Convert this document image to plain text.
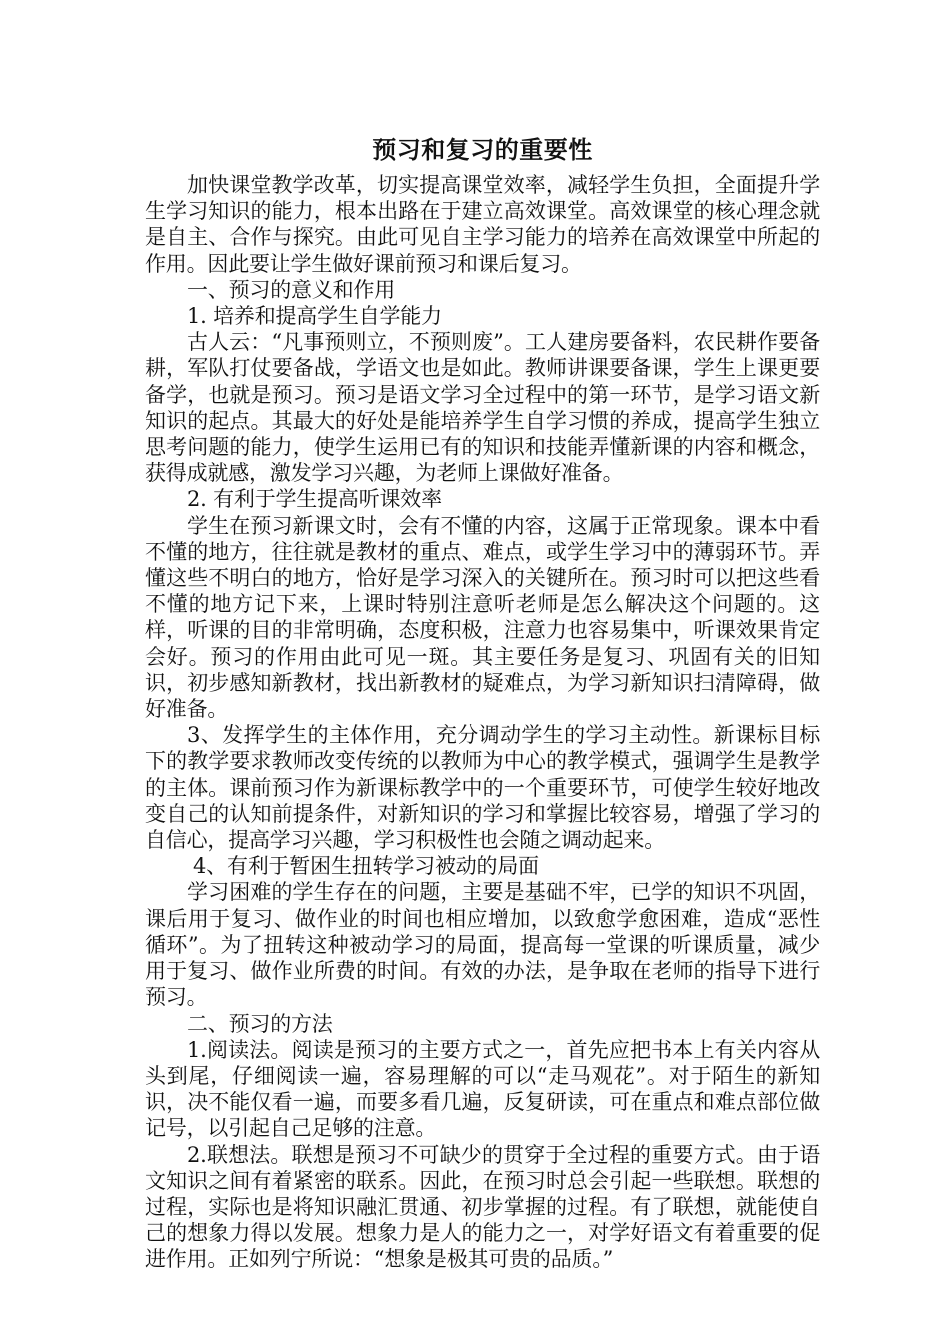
预习和复习的重要性

加快课堂教学改革，切实提高课堂效率，减轻学生负担，全面提升学生学习知识的能力，根本出路在于建立高效课堂。高效课堂的核心理念就是自主、合作与探究。由此可见自主学习能力的培养在高效课堂中所起的作用。因此要让学生做好课前预习和课后复习。

一、预习的意义和作用

1. 培养和提高学生自学能力

古人云：“凡事预则立，不预则废”。工人建房要备料，农民耕作要备耕，军队打仗要备战，学语文也是如此。教师讲课要备课，学生上课更要备学，也就是预习。预习是语文学习全过程中的第一环节，是学习语文新知识的起点。其最大的好处是能培养学生自学习惯的养成，提高学生独立思考问题的能力，使学生运用已有的知识和技能弄懂新课的内容和概念，获得成就感，激发学习兴趣，为老师上课做好准备。

2. 有利于学生提高听课效率

学生在预习新课文时，会有不懂的内容，这属于正常现象。课本中看不懂的地方，往往就是教材的重点、难点，或学生学习中的薄弱环节。弄懂这些不明白的地方，恰好是学习深入的关键所在。预习时可以把这些看不懂的地方记下来，上课时特别注意听老师是怎么解决这个问题的。这样，听课的目的非常明确，态度积极，注意力也容易集中，听课效果肯定会好。预习的作用由此可见一斑。其主要任务是复习、巩固有关的旧知识，初步感知新教材，找出新教材的疑难点，为学习新知识扫清障碍，做好准备。

3、发挥学生的主体作用，充分调动学生的学习主动性。新课标目标下的教学要求教师改变传统的以教师为中心的教学模式，强调学生是教学的主体。课前预习作为新课标教学中的一个重要环节，可使学生较好地改变自己的认知前提条件，对新知识的学习和掌握比较容易，增强了学习的自信心，提高学习兴趣，学习积极性也会随之调动起来。

4、有利于暂困生扭转学习被动的局面

学习困难的学生存在的问题，主要是基础不牢，已学的知识不巩固，课后用于复习、做作业的时间也相应增加，以致愈学愈困难，造成“恶性循环”。为了扭转这种被动学习的局面，提高每一堂课的听课质量，减少用于复习、做作业所费的时间。有效的办法，是争取在老师的指导下进行预习。

二、预习的方法

1.阅读法。阅读是预习的主要方式之一，首先应把书本上有关内容从头到尾，仔细阅读一遍，容易理解的可以“走马观花”。对于陌生的新知识，决不能仅看一遍，而要多看几遍，反复研读，可在重点和难点部位做记号，以引起自己足够的注意。

2.联想法。联想是预习不可缺少的贯穿于全过程的重要方式。由于语文知识之间有着紧密的联系。因此，在预习时总会引起一些联想。联想的过程，实际也是将知识融汇贯通、初步掌握的过程。有了联想，就能使自己的想象力得以发展。想象力是人的能力之一，对学好语文有着重要的促进作用。正如列宁所说：“想象是极其可贵的品质。”
